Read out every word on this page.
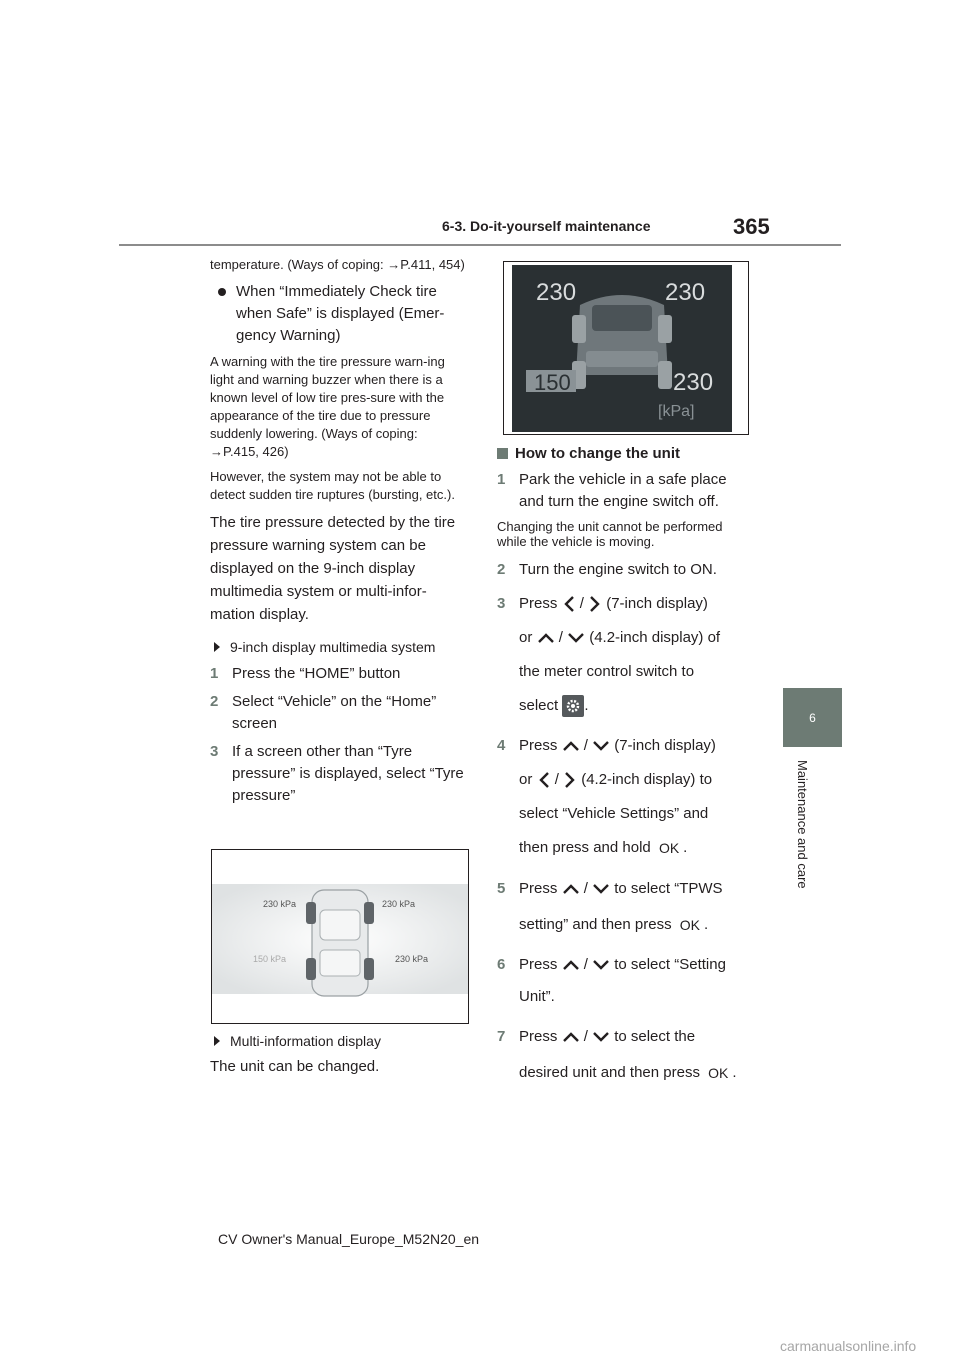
6-3. Do-it-yourself maintenance	365
6
Maintenance and care

temperature. (Ways of coping: →P.411, 454)

When “Immediately Check tire when Safe” is displayed (Emer-gency Warning)

A warning with the tire pressure warn-ing light and warning buzzer when there is a known level of low tire pres-sure with the appearance of the tire due to pressure suddenly lowering. (Ways of coping: →P.415, 426)

However, the system may not be able to detect sudden tire ruptures (bursting, etc.).

The tire pressure detected by the tire pressure warning system can be displayed on the 9-inch display multimedia system or multi-infor-mation display.

9-inch display multimedia system
1 Press the “HOME” button
2 Select “Vehicle” on the “Home” screen
3 If a screen other than “Tyre pressure” is displayed, select “Tyre pressure”
230 kPa	230 kPa
150 kPa	230 kPa
Multi-information display

The unit can be changed.

230	230
150	230
[kPa]
How to change the unit
1 Park the vehicle in a safe place and turn the engine switch off.

Changing the unit cannot be performed while the vehicle is moving.

2 Turn the engine switch to ON.
3 Press / (7-inch display)
or / (4.2-inch display) of
the meter control switch to
select .
4 Press / (7-inch display)
or / (4.2-inch display) to
select “Vehicle Settings” and
then press and hold OK .
5 Press / to select “TPWS
setting” and then press OK .
6 Press / to select “Setting
Unit”.
7 Press / to select the
desired unit and then press OK .
CV Owner's Manual_Europe_M52N20_en
carmanualsonline.info
